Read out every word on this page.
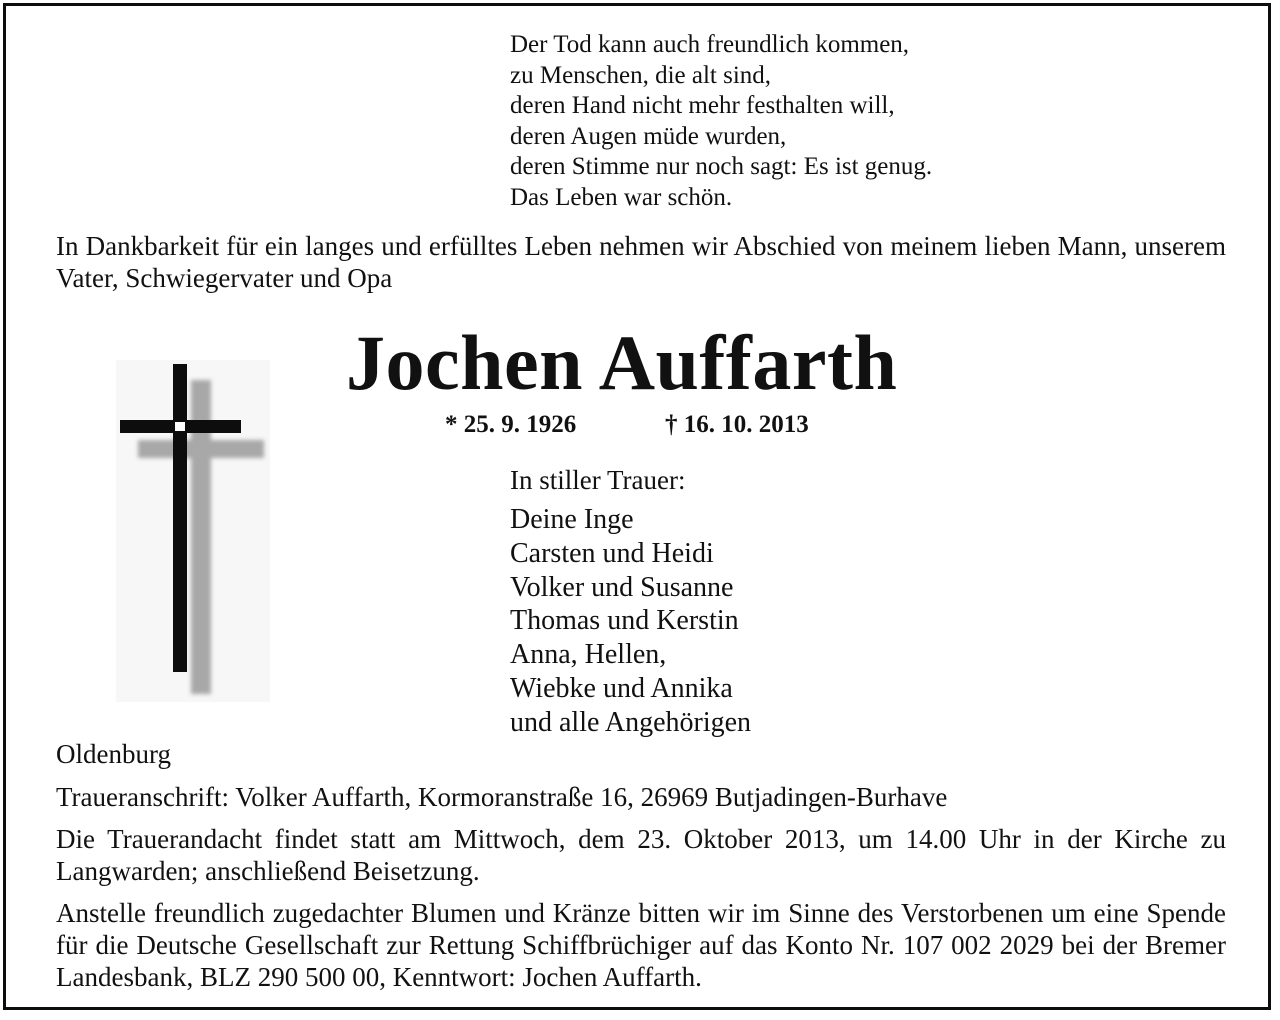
Der Tod kann auch freundlich kommen,
zu Menschen, die alt sind,
deren Hand nicht mehr festhalten will,
deren Augen müde wurden,
deren Stimme nur noch sagt: Es ist genug.
Das Leben war schön.
In Dankbarkeit für ein langes und erfülltes Leben nehmen wir Abschied von meinem lieben Mann, unserem Vater, Schwiegervater und Opa
Jochen Auffarth
* 25. 9. 1926	† 16. 10. 2013
In stiller Trauer:
Deine Inge
Carsten und Heidi
Volker und Susanne
Thomas und Kerstin
Anna, Hellen,
Wiebke und Annika
und alle Angehörigen
Oldenburg
Traueranschrift: Volker Auffarth, Kormoranstraße 16, 26969 Butjadingen-Burhave
Die Trauerandacht findet statt am Mittwoch, dem 23. Oktober 2013, um 14.00 Uhr in der Kirche zu Langwarden; anschließend Beisetzung.
Anstelle freundlich zugedachter Blumen und Kränze bitten wir im Sinne des Verstorbenen um eine Spende für die Deutsche Gesellschaft zur Rettung Schiffbrüchiger auf das Konto Nr. 107 002 2029 bei der Bremer Landesbank, BLZ 290 500 00, Kenntwort: Jochen Auffarth.
